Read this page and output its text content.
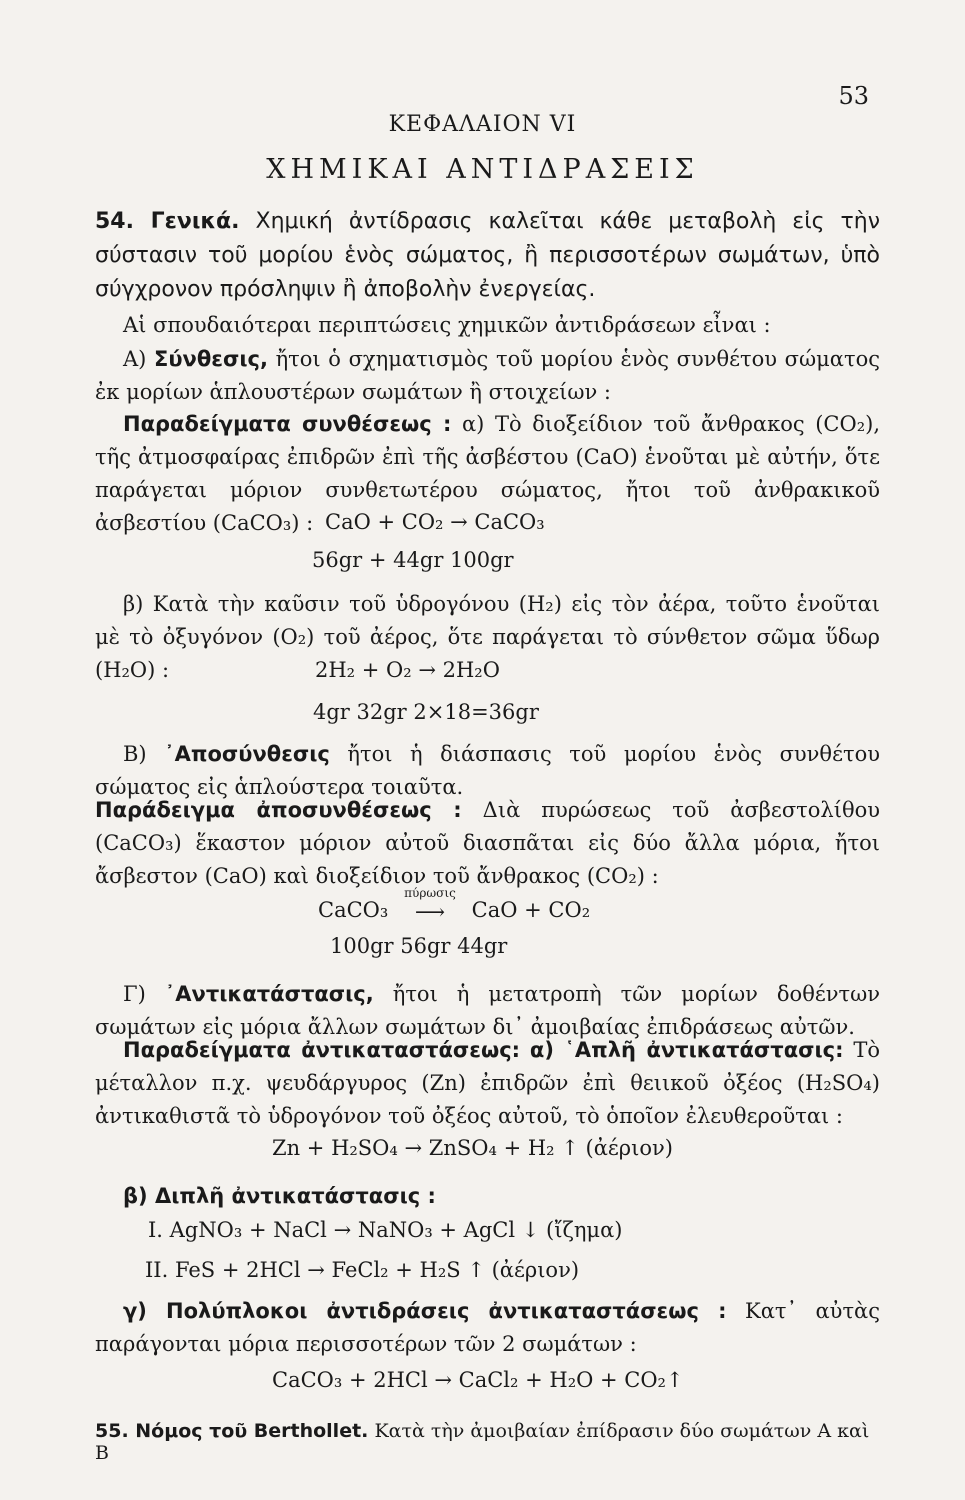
53
ΚΕΦΑΛΑΙΟΝ VI
ΧΗΜΙΚΑΙ ΑΝΤΙΔΡΑΣΕΙΣ
54. Γενικά. Χημική ἀντίδρασις καλεῖται κάθε μεταβολὴ εἰς τὴν σύστασιν τοῦ μορίου ἑνὸς σώματος, ἢ περισσοτέρων σωμάτων, ὑπὸ σύγχρονον πρόσληψιν ἢ ἀποβολὴν ἐνεργείας.
Αἱ σπουδαιότεραι περιπτώσεις χημικῶν ἀντιδράσεων εἶναι :
Α) Σύνθεσις, ἤτοι ὁ σχηματισμὸς τοῦ μορίου ἑνὸς συνθέτου σώματος ἐκ μορίων ἁπλουστέρων σωμάτων ἢ στοιχείων :
Παραδείγματα συνθέσεως : α) Τὸ διοξείδιον τοῦ ἄνθρακος (CO₂), τῆς ἀτμοσφαίρας ἐπιδρῶν ἐπὶ τῆς ἀσβέστου (CaO) ἑνοῦται μὲ αὐτήν, ὅτε παράγεται μόριον συνθετωτέρου σώματος, ἤτοι τοῦ ἀνθρακικοῦ ἀσβεστίου (CaCO₃) : CaO + CO₂ → CaCO₃
56gr + 44gr 100gr
β) Κατὰ τὴν καῦσιν τοῦ ὑδρογόνου (H₂) εἰς τὸν ἀέρα, τοῦτο ἑνοῦται μὲ τὸ ὀξυγόνον (O₂) τοῦ ἀέρος, ὅτε παράγεται τὸ σύνθετον σῶμα ὕδωρ (H₂O) :	2H₂ + O₂ → 2H₂O
4gr 32gr 2×18=36gr
Β) ᾿Αποσύνθεσις ἤτοι ἡ διάσπασις τοῦ μορίου ἑνὸς συνθέτου σώματος εἰς ἁπλούστερα τοιαῦτα.
Παράδειγμα ἀποσυνθέσεως : Διὰ πυρώσεως τοῦ ἀσβεστολίθου (CaCO₃) ἕκαστον μόριον αὐτοῦ διασπᾶται εἰς δύο ἄλλα μόρια, ἤτοι ἄσβεστον (CaO) καὶ διοξείδιον τοῦ ἄνθρακος (CO₂) :
CaCO₃
πύρωσις
⟶ CaO + CO₂
100gr 56gr 44gr
Γ) ᾿Αντικατάστασις, ἤτοι ἡ μετατροπὴ τῶν μορίων δοθέντων σωμάτων εἰς μόρια ἄλλων σωμάτων δι᾿ ἀμοιβαίας ἐπιδράσεως αὐτῶν.
Παραδείγματα ἀντικαταστάσεως: α) ῾Απλῆ ἀντικατάστασις: Τὸ μέταλλον π.χ. ψευδάργυρος (Zn) ἐπιδρῶν ἐπὶ θειικοῦ ὀξέος (H₂SO₄) ἀντικαθιστᾶ τὸ ὑδρογόνον τοῦ ὀξέος αὐτοῦ, τὸ ὁποῖον ἐλευθεροῦται :
Zn + H₂SO₄ → ZnSO₄ + H₂ ↑ (ἀέριον)
β) Διπλῆ ἀντικατάστασις :
I. AgNO₃ + NaCl → NaNO₃ + AgCl ↓ (ἴζημα)
II. FeS + 2HCl → FeCl₂ + H₂S ↑ (ἀέριον)
γ) Πολύπλοκοι ἀντιδράσεις ἀντικαταστάσεως : Κατ᾿ αὐτὰς παράγονται μόρια περισσοτέρων τῶν 2 σωμάτων :
CaCO₃ + 2HCl → CaCl₂ + H₂O + CO₂↑
55. Νόμος τοῦ Berthollet. Κατὰ τὴν ἀμοιβαίαν ἐπίδρασιν δύο σωμάτων Α καὶ Β
